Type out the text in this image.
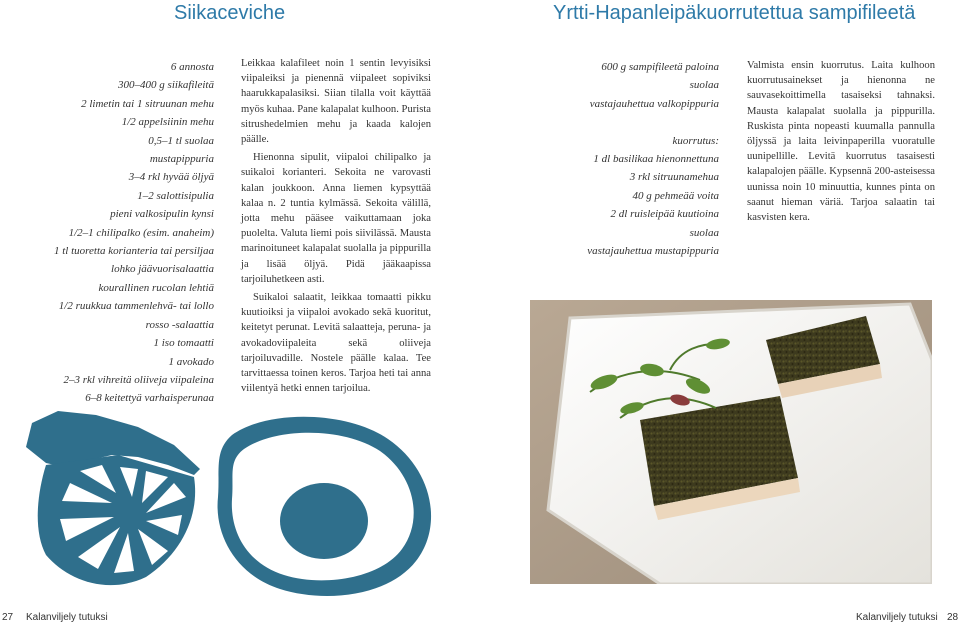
Siikaceviche	Yrtti-Hapanleipäkuorrutettua sampifileetä
6 annosta
300–400 g siikafileitä
2 limetin tai 1 sitruunan mehu
1/2 appelsiinin mehu
0,5–1 tl suolaa
mustapippuria
3–4 rkl hyvää öljyä
1–2 salottisipulia
pieni valkosipulin kynsi
1/2–1 chilipalko (esim. anaheim)
1 tl tuoretta korianteria tai persiljaa
lohko jäävuorisalaattia
kourallinen rucolan lehtiä
1/2 ruukkua tammenlehvä- tai lollo
rosso -salaattia
1 iso tomaatti
1 avokado
2–3 rkl vihreitä oliiveja viipaleina
6–8 keitettyä varhaisperunaa

Leikkaa kalafileet noin 1 sentin levyisiksi viipaleiksi ja pienennä viipaleet sopiviksi haarukkapalasiksi. Siian tilalla voit käyttää myös kuhaa. Pane kalapalat kulhoon. Purista sitrushedelmien mehu ja kaada kalojen päälle.

Hienonna sipulit, viipaloi chilipalko ja suikaloi korianteri. Sekoita ne varovasti kalan joukkoon. Anna liemen kypsyttää kalaa n. 2 tuntia kylmässä. Sekoita välillä, jotta mehu pääsee vaikuttamaan joka puolelta. Valuta liemi pois siivilässä. Mausta marinoituneet kalapalat suolalla ja pippurilla ja lisää öljyä. Pidä jääkaapissa tarjoiluhetkeen asti.

Suikaloi salaatit, leikkaa tomaatti pikku kuutioiksi ja viipaloi avokado sekä kuoritut, keitetyt perunat. Levitä salaatteja, peruna- ja avokadoviipaleita sekä oliiveja tarjoiluvadille. Nostele päälle kalaa. Tee tarvittaessa toinen keros. Tarjoa heti tai anna viilentyä hetki ennen tarjoilua.

600 g sampifileetä paloina
suolaa
vastajauhettua valkopippuria
kuorrutus:
1 dl basilikaa hienonnettuna
3 rkl sitruunamehua
40 g pehmeää voita
2 dl ruisleipää kuutioina
suolaa
vastajauhettua mustapippuria

Valmista ensin kuorrutus. Laita kulhoon kuorrutusainekset ja hienonna ne sauvasekoittimella tasaiseksi tahnaksi. Mausta kalapalat suolalla ja pippurilla. Ruskista pinta nopeasti kuumalla pannulla öljyssä ja laita leivinpaperilla vuoratulle uunipellille. Levitä kuorrutus tasaisesti kalapalojen päälle. Kypsennä 200-asteisessa uunissa noin 10 minuuttia, kunnes pinta on saanut hieman väriä. Tarjoa salaatin tai kasvisten kera.

27 Kalanviljely tutuksi	Kalanviljely tutuksi 28
